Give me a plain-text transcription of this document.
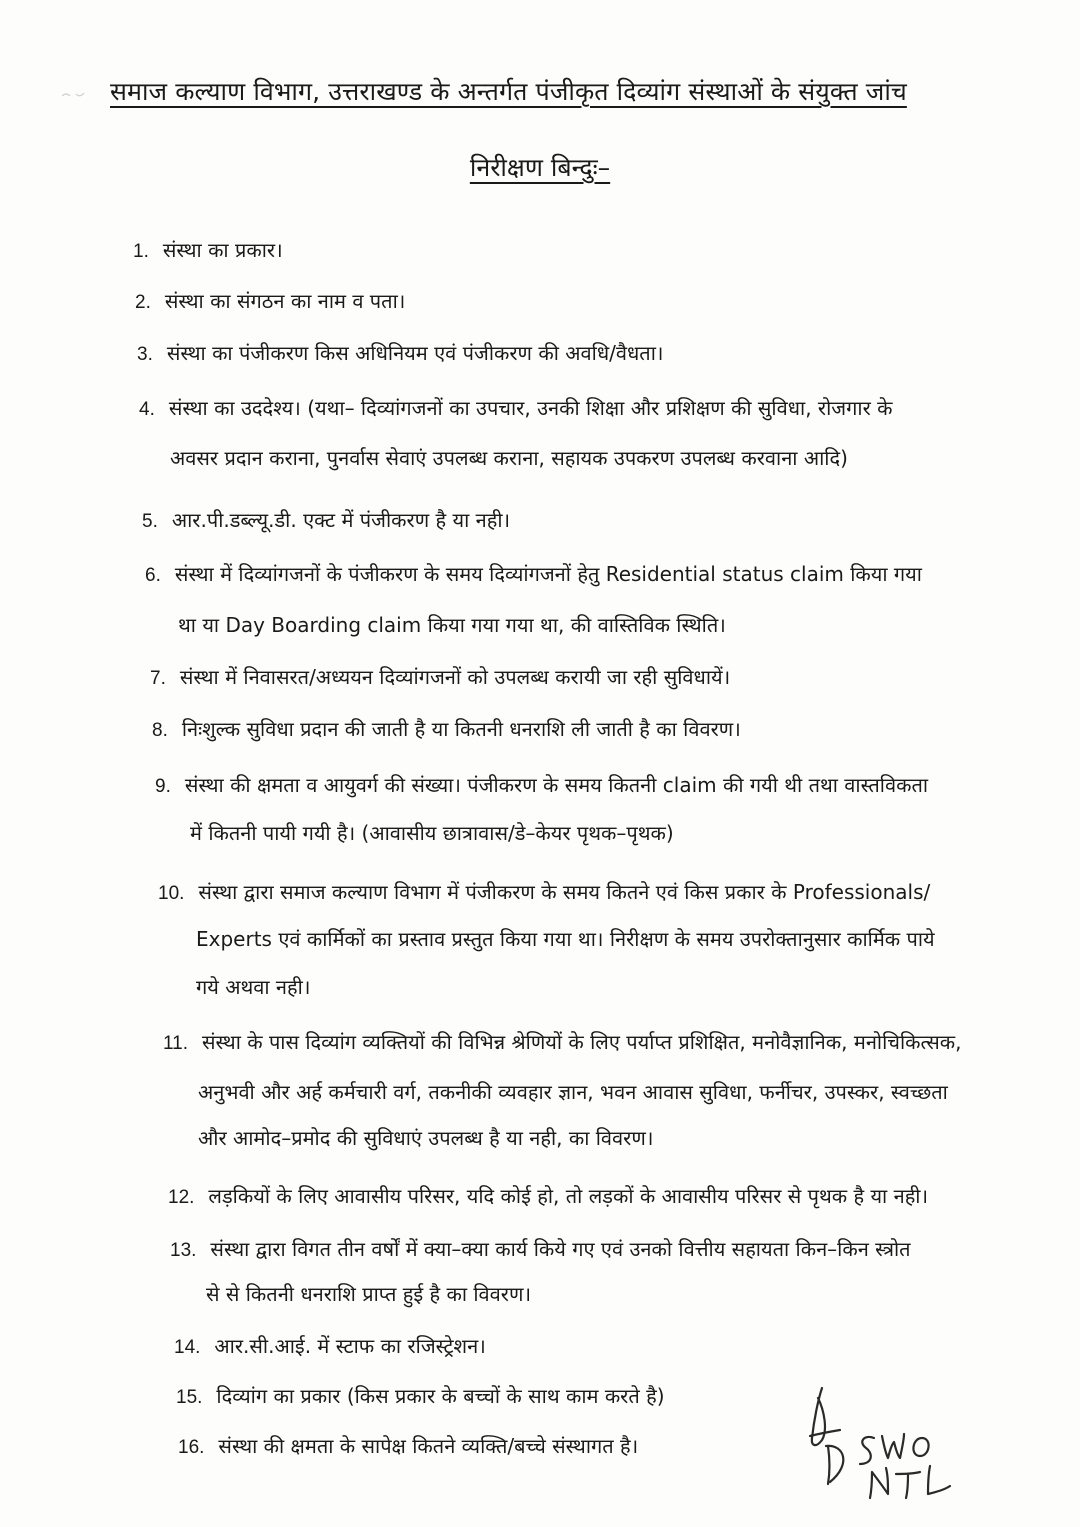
समाज कल्याण विभाग, उत्तराखण्ड के अन्तर्गत पंजीकृत दिव्यांग संस्थाओं के संयुक्त जांच
निरीक्षण बिन्दुः–
1. संस्था का प्रकार।
2. संस्था का संगठन का नाम व पता।
3. संस्था का पंजीकरण किस अधिनियम एवं पंजीकरण की अवधि/वैधता।
4. संस्था का उददेश्य। (यथा– दिव्यांगजनों का उपचार, उनकी शिक्षा और प्रशिक्षण की सुविधा, रोजगार के
अवसर प्रदान कराना, पुनर्वास सेवाएं उपलब्ध कराना, सहायक उपकरण उपलब्ध करवाना आदि)
5. आर.पी.डब्ल्यू.डी. एक्ट में पंजीकरण है या नही।
6. संस्था में दिव्यांगजनों के पंजीकरण के समय दिव्यांगजनों हेतु Residential status claim किया गया
था या Day Boarding claim किया गया गया था, की वास्तिविक स्थिति।
7. संस्था में निवासरत/अध्ययन दिव्यांगजनों को उपलब्ध करायी जा रही सुविधायें।
8. निःशुल्क सुविधा प्रदान की जाती है या कितनी धनराशि ली जाती है का विवरण।
9. संस्था की क्षमता व आयुवर्ग की संख्या। पंजीकरण के समय कितनी claim की गयी थी तथा वास्तविकता
में कितनी पायी गयी है। (आवासीय छात्रावास/डे–केयर पृथक–पृथक)
10. संस्था द्वारा समाज कल्याण विभाग में पंजीकरण के समय कितने एवं किस प्रकार के Professionals/
Experts एवं कार्मिकों का प्रस्ताव प्रस्तुत किया गया था। निरीक्षण के समय उपरोक्तानुसार कार्मिक पाये
गये अथवा नही।
11. संस्था के पास दिव्यांग व्यक्तियों की विभिन्न श्रेणियों के लिए पर्याप्त प्रशिक्षित, मनोवैज्ञानिक, मनोचिकित्सक,
अनुभवी और अर्ह कर्मचारी वर्ग, तकनीकी व्यवहार ज्ञान, भवन आवास सुविधा, फर्नीचर, उपस्कर, स्वच्छता
और आमोद–प्रमोद की सुविधाएं उपलब्ध है या नही, का विवरण।
12. लड़कियों के लिए आवासीय परिसर, यदि कोई हो, तो लड़कों के आवासीय परिसर से पृथक है या नही।
13. संस्था द्वारा विगत तीन वर्षों में क्या–क्या कार्य किये गए एवं उनको वित्तीय सहायता किन–किन स्त्रोत
से से कितनी धनराशि प्राप्त हुई है का विवरण।
14. आर.सी.आई. में स्टाफ का रजिस्ट्रेशन।
15. दिव्यांग का प्रकार (किस प्रकार के बच्चों के साथ काम करते है)
16. संस्था की क्षमता के सापेक्ष कितने व्यक्ति/बच्चे संस्थागत है।
